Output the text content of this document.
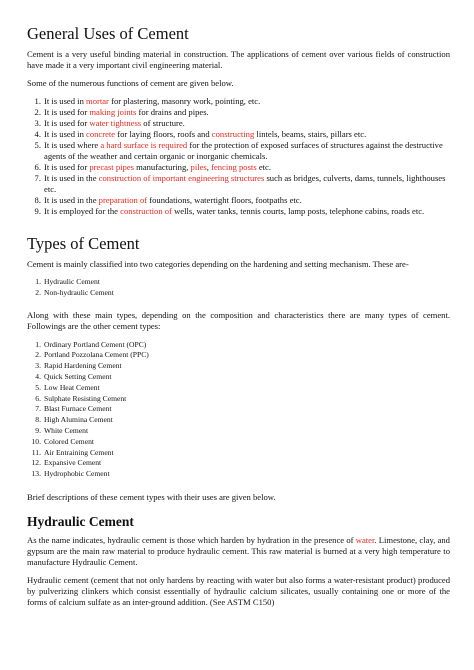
General Uses of Cement

Cement is a very useful binding material in construction. The applications of cement over various fields of construction have made it a very important civil engineering material.

Some of the numerous functions of cement are given below.

1. It is used in mortar for plastering, masonry work, pointing, etc.
2. It is used for making joints for drains and pipes.
3. It is used for water tightness of structure.
4. It is used in concrete for laying floors, roofs and constructing lintels, beams, stairs, pillars etc.
5. It is used where a hard surface is required for the protection of exposed surfaces of structures against the destructive agents of the weather and certain organic or inorganic chemicals.
6. It is used for precast pipes manufacturing, piles, fencing posts etc.
7. It is used in the construction of important engineering structures such as bridges, culverts, dams, tunnels, lighthouses etc.
8. It is used in the preparation of foundations, watertight floors, footpaths etc.
9. It is employed for the construction of wells, water tanks, tennis courts, lamp posts, telephone cabins, roads etc.
Types of Cement

Cement is mainly classified into two categories depending on the hardening and setting mechanism. These are-

1. Hydraulic Cement
2. Non-hydraulic Cement

Along with these main types, depending on the composition and characteristics there are many types of cement. Followings are the other cement types:

1. Ordinary Portland Cement (OPC)
2. Portland Pozzolana Cement (PPC)
3. Rapid Hardening Cement
4. Quick Setting Cement
5. Low Heat Cement
6. Sulphate Resisting Cement
7. Blast Furnace Cement
8. High Alumina Cement
9. White Cement
10. Colored Cement
11. Air Entraining Cement
12. Expansive Cement
13. Hydrophobic Cement

Brief descriptions of these cement types with their uses are given below.

Hydraulic Cement

As the name indicates, hydraulic cement is those which harden by hydration in the presence of water. Limestone, clay, and gypsum are the main raw material to produce hydraulic cement. This raw material is burned at a very high temperature to manufacture Hydraulic Cement.

Hydraulic cement (cement that not only hardens by reacting with water but also forms a water-resistant product) produced by pulverizing clinkers which consist essentially of hydraulic calcium silicates, usually containing one or more of the forms of calcium sulfate as an inter-ground addition. (See ASTM C150)
